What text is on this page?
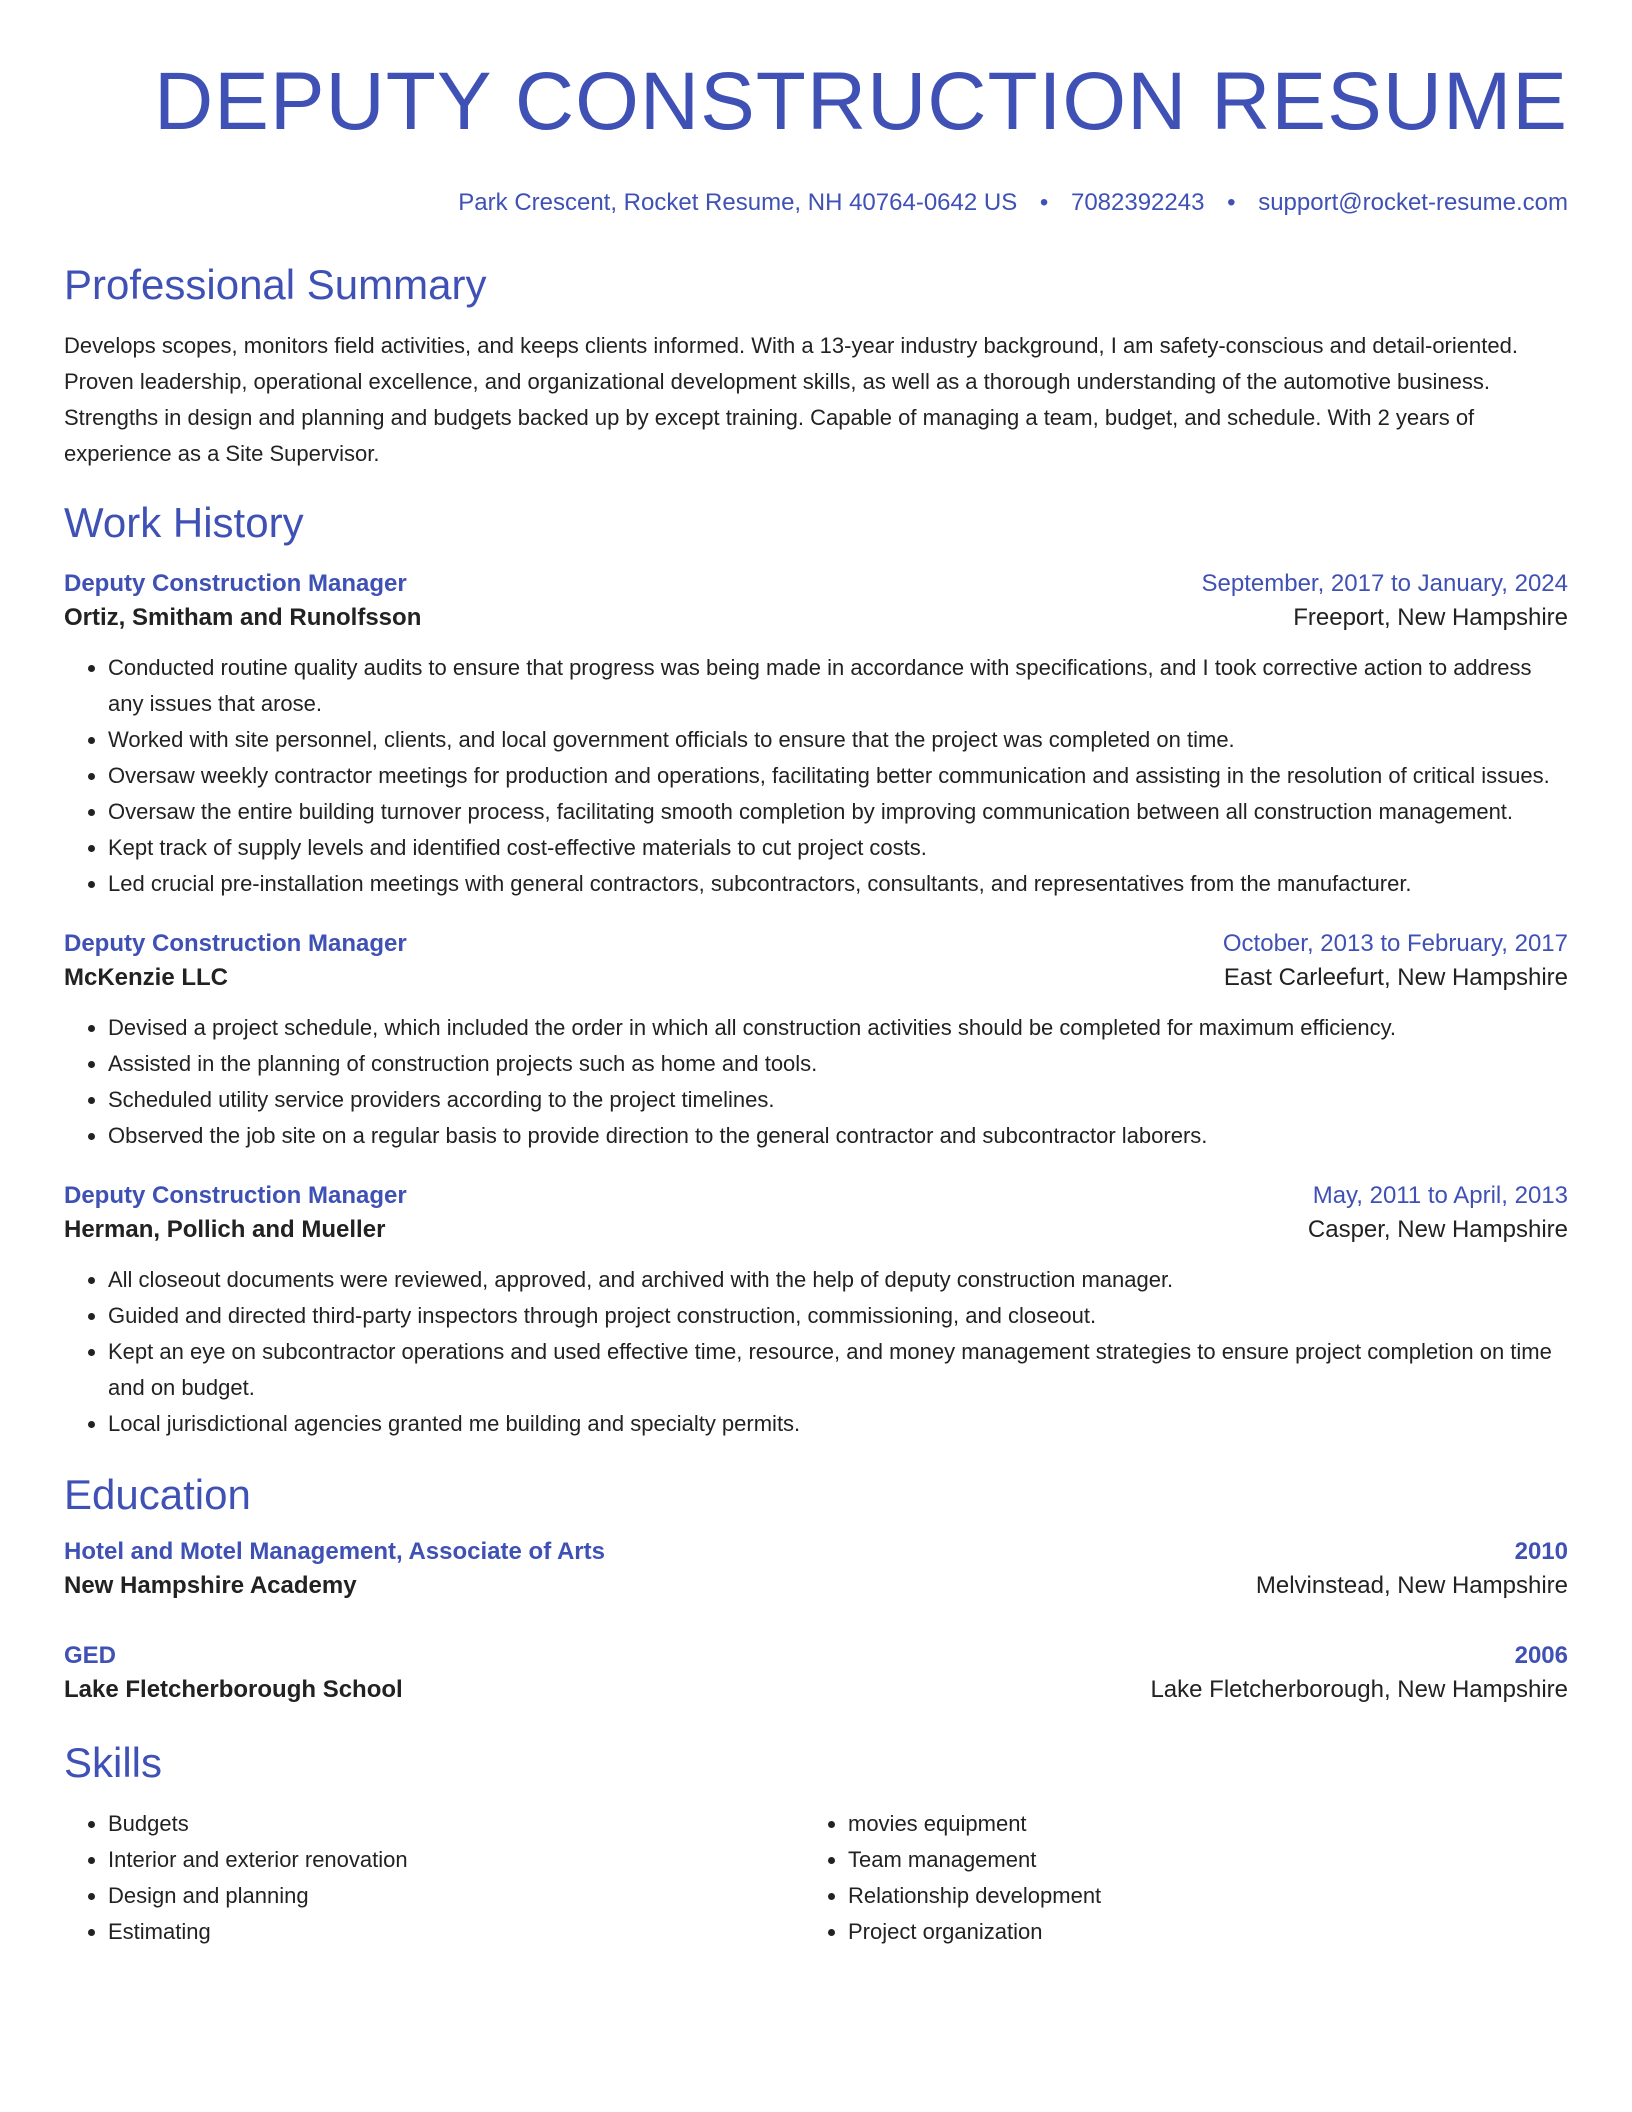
DEPUTY CONSTRUCTION RESUME
Park Crescent, Rocket Resume, NH 40764-0642 US • 7082392243 • support@rocket-resume.com
Professional Summary
Develops scopes, monitors field activities, and keeps clients informed. With a 13-year industry background, I am safety-conscious and detail-oriented. Proven leadership, operational excellence, and organizational development skills, as well as a thorough understanding of the automotive business. Strengths in design and planning and budgets backed up by except training. Capable of managing a team, budget, and schedule. With 2 years of experience as a Site Supervisor.
Work History
Deputy Construction Manager	September, 2017 to January, 2024
Ortiz, Smitham and Runolfsson	Freeport, New Hampshire
• Conducted routine quality audits to ensure that progress was being made in accordance with specifications, and I took corrective action to address any issues that arose.
• Worked with site personnel, clients, and local government officials to ensure that the project was completed on time.
• Oversaw weekly contractor meetings for production and operations, facilitating better communication and assisting in the resolution of critical issues.
• Oversaw the entire building turnover process, facilitating smooth completion by improving communication between all construction management.
• Kept track of supply levels and identified cost-effective materials to cut project costs.
• Led crucial pre-installation meetings with general contractors, subcontractors, consultants, and representatives from the manufacturer.
Deputy Construction Manager	October, 2013 to February, 2017
McKenzie LLC	East Carleefurt, New Hampshire
• Devised a project schedule, which included the order in which all construction activities should be completed for maximum efficiency.
• Assisted in the planning of construction projects such as home and tools.
• Scheduled utility service providers according to the project timelines.
• Observed the job site on a regular basis to provide direction to the general contractor and subcontractor laborers.
Deputy Construction Manager	May, 2011 to April, 2013
Herman, Pollich and Mueller	Casper, New Hampshire
• All closeout documents were reviewed, approved, and archived with the help of deputy construction manager.
• Guided and directed third-party inspectors through project construction, commissioning, and closeout.
• Kept an eye on subcontractor operations and used effective time, resource, and money management strategies to ensure project completion on time and on budget.
• Local jurisdictional agencies granted me building and specialty permits.
Education
Hotel and Motel Management, Associate of Arts	2010
New Hampshire Academy	Melvinstead, New Hampshire
GED	2006
Lake Fletcherborough School	Lake Fletcherborough, New Hampshire
Skills
• Budgets
• Interior and exterior renovation
• Design and planning
• Estimating
• movies equipment
• Team management
• Relationship development
• Project organization
